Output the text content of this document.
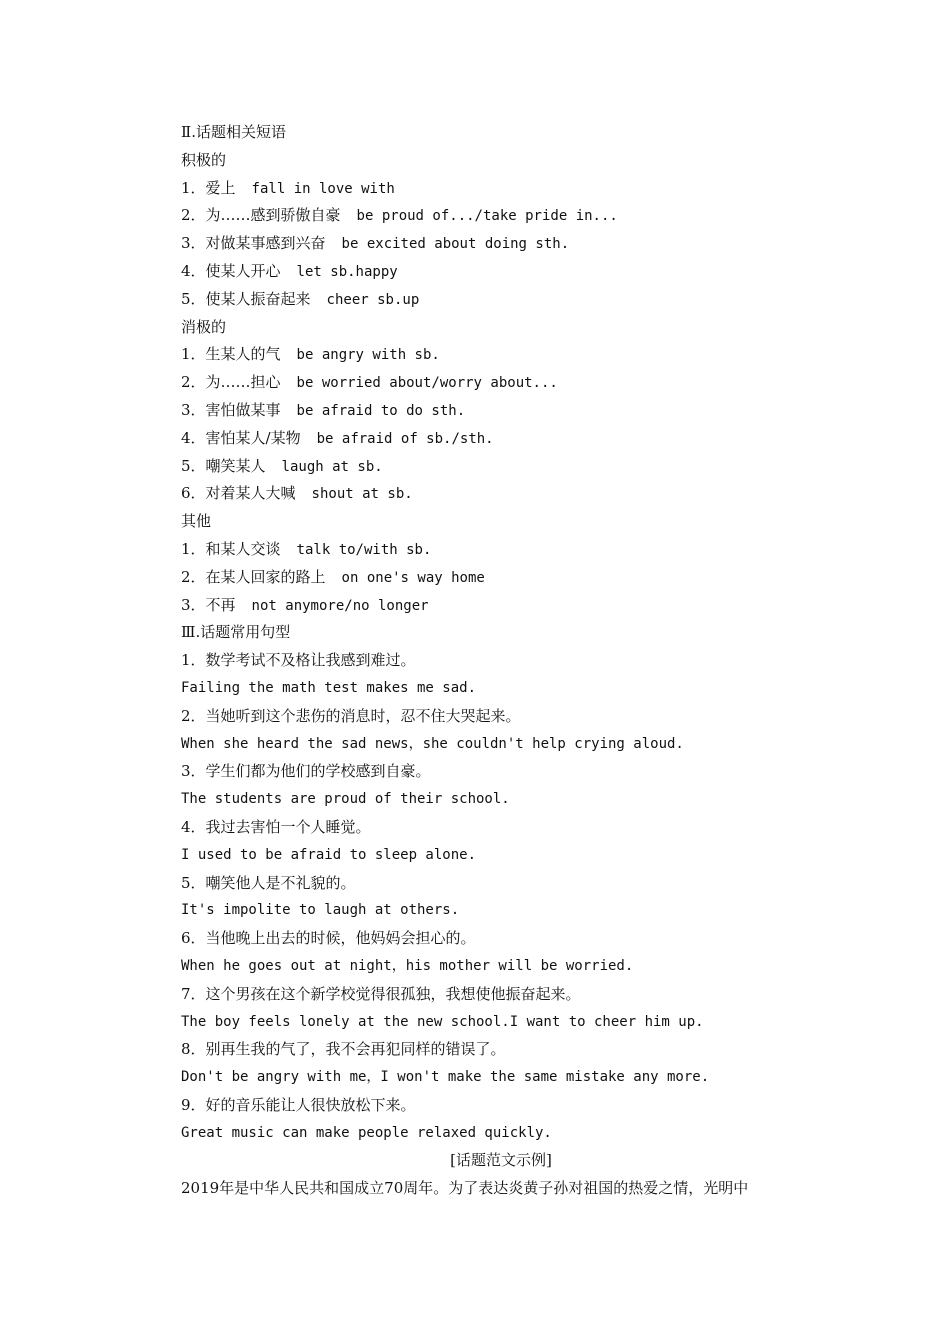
Ⅱ.话题相关短语
积极的
1．爱上 fall in love with
2．为……感到骄傲自豪 be proud of.../take pride in...
3．对做某事感到兴奋 be excited about doing sth.
4．使某人开心 let sb.happy
5．使某人振奋起来 cheer sb.up
消极的
1．生某人的气 be angry with sb.
2．为……担心 be worried about/worry about...
3．害怕做某事 be afraid to do sth.
4．害怕某人/某物 be afraid of sb./sth.
5．嘲笑某人 laugh at sb.
6．对着某人大喊 shout at sb.
其他
1．和某人交谈 talk to/with sb.
2．在某人回家的路上 on one's way home
3．不再 not anymore/no longer
Ⅲ.话题常用句型
1．数学考试不及格让我感到难过。
Failing the math test makes me sad.
2．当她听到这个悲伤的消息时，忍不住大哭起来。
When she heard the sad news，she couldn't help crying aloud.
3．学生们都为他们的学校感到自豪。
The students are proud of their school.
4．我过去害怕一个人睡觉。
I used to be afraid to sleep alone.
5．嘲笑他人是不礼貌的。
It's impolite to laugh at others.
6．当他晚上出去的时候，他妈妈会担心的。
When he goes out at night，his mother will be worried.
7．这个男孩在这个新学校觉得很孤独，我想使他振奋起来。
The boy feels lonely at the new school.I want to cheer him up.
8．别再生我的气了，我不会再犯同样的错误了。
Don't be angry with me，I won't make the same mistake any more.
9．好的音乐能让人很快放松下来。
Great music can make people relaxed quickly.
[话题范文示例]
2019年是中华人民共和国成立70周年。为了表达炎黄子孙对祖国的热爱之情，光明中
